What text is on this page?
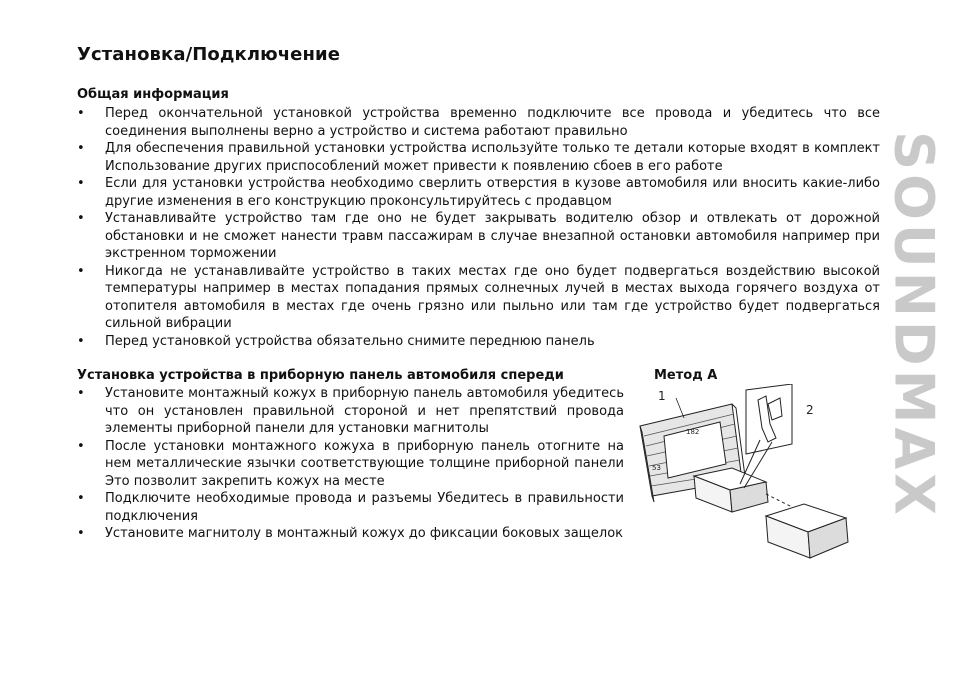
Установка/Подключение
Общая информация
• Перед окончательной установкой устройства временно подключите все провода и убедитесь что все соединения выполнены верно а устройство и система работают правильно
• Для обеспечения правильной установки устройства используйте только те детали которые входят в комплект Использование других приспособлений может привести к появлению сбоев в его работе
• Если для установки устройства необходимо сверлить отверстия в кузове автомобиля или вносить какие-либо другие изменения в его конструкцию проконсультируйтесь с продавцом
• Устанавливайте устройство там где оно не будет закрывать водителю обзор и отвлекать от дорожной обстановки и не сможет нанести травм пассажирам в случае внезапной остановки автомобиля например при экстренном торможении
• Никогда не устанавливайте устройство в таких местах где оно будет подвергаться воздействию высокой температуры например в местах попадания прямых солнечных лучей в местах выхода горячего воздуха от отопителя автомобиля в местах где очень грязно или пыльно или там где устройство будет подвергаться сильной вибрации
• Перед установкой устройства обязательно снимите переднюю панель
Установка устройства в приборную панель автомобиля спереди	Метод А
• Установите монтажный кожух в приборную панель автомобиля убедитесь что он установлен правильной стороной и нет препятствий провода элементы приборной панели для установки магнитолы
• После установки монтажного кожуха в приборную панель отогните на нем металлические язычки соответствующие толщине приборной панели Это позволит закрепить кожух на месте
• Подключите необходимые провода и разъемы Убедитесь в правильности подключения
• Установите магнитолу в монтажный кожух до фиксации боковых защелок
182
53
1
2 SOUNDMAX
